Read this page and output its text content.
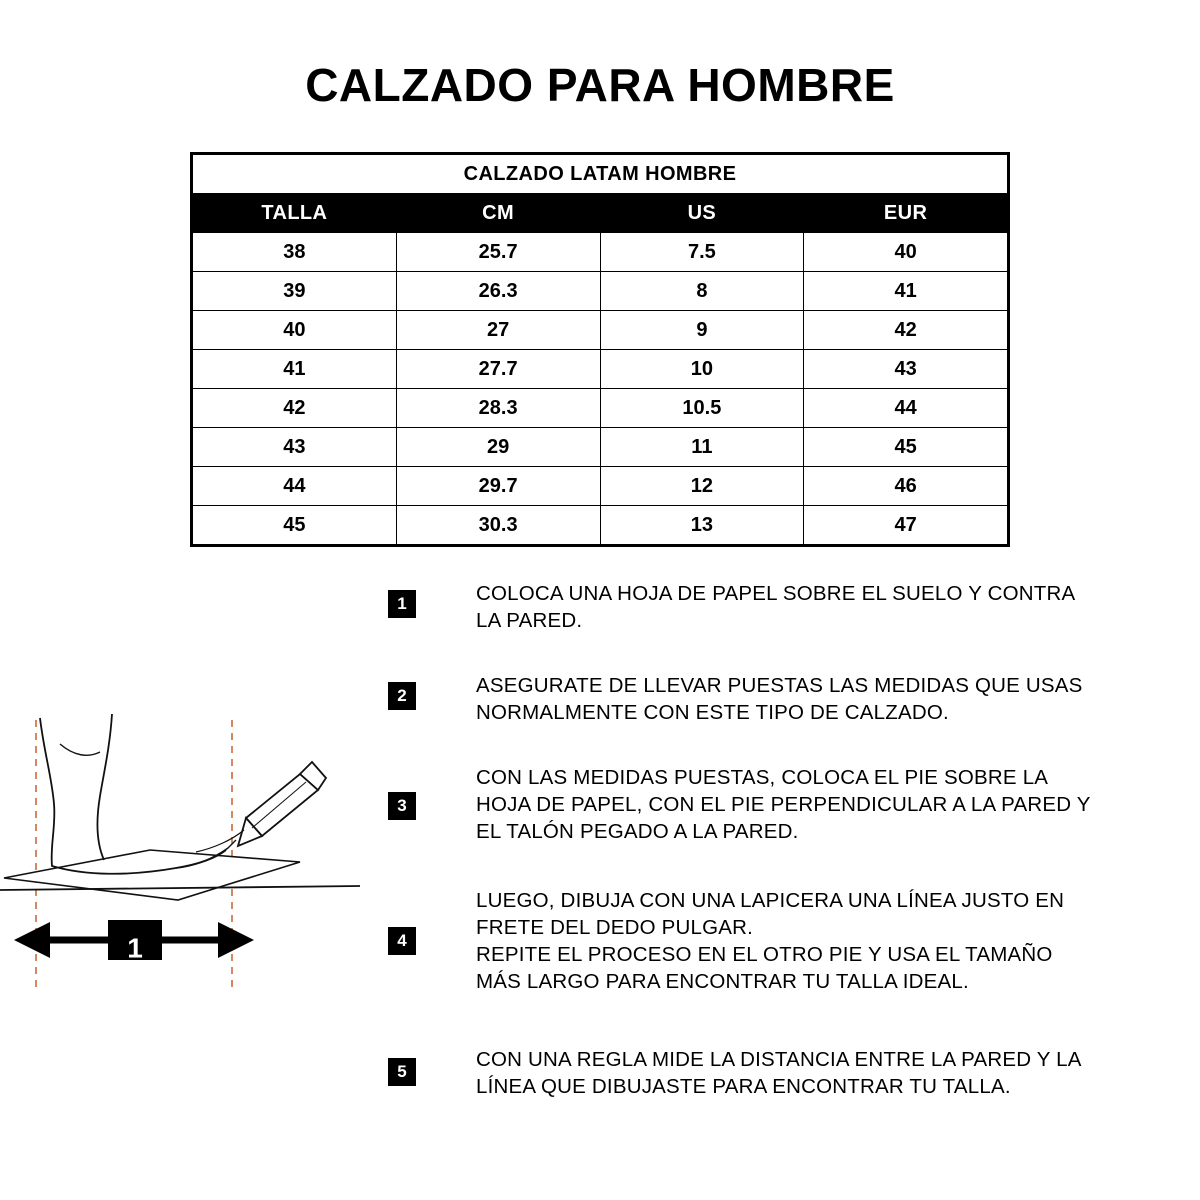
CALZADO PARA HOMBRE
CALZADO LATAM HOMBRE			
TALLA	CM	US	EUR
38	25.7	7.5	40
39	26.3	8	41
40	27	9	42
41	27.7	10	43
42	28.3	10.5	44
43	29	11	45
44	29.7	12	46
45	30.3	13	47
1	COLOCA UNA HOJA DE PAPEL SOBRE EL SUELO Y CONTRA
LA PARED.
2	ASEGURATE DE LLEVAR PUESTAS LAS MEDIDAS QUE USAS
NORMALMENTE CON ESTE TIPO DE CALZADO.
3
CON LAS MEDIDAS PUESTAS, COLOCA EL PIE SOBRE LA
HOJA DE PAPEL, CON EL PIE PERPENDICULAR A LA PARED Y
EL TALÓN PEGADO A LA PARED.
4
LUEGO, DIBUJA CON UNA LAPICERA UNA LÍNEA JUSTO EN
FRETE DEL DEDO PULGAR.
REPITE EL PROCESO EN EL OTRO PIE Y USA EL TAMAÑO
MÁS LARGO PARA ENCONTRAR TU TALLA IDEAL.
5
CON UNA REGLA MIDE LA DISTANCIA ENTRE LA PARED Y LA
LÍNEA QUE DIBUJASTE PARA ENCONTRAR TU TALLA.
1
